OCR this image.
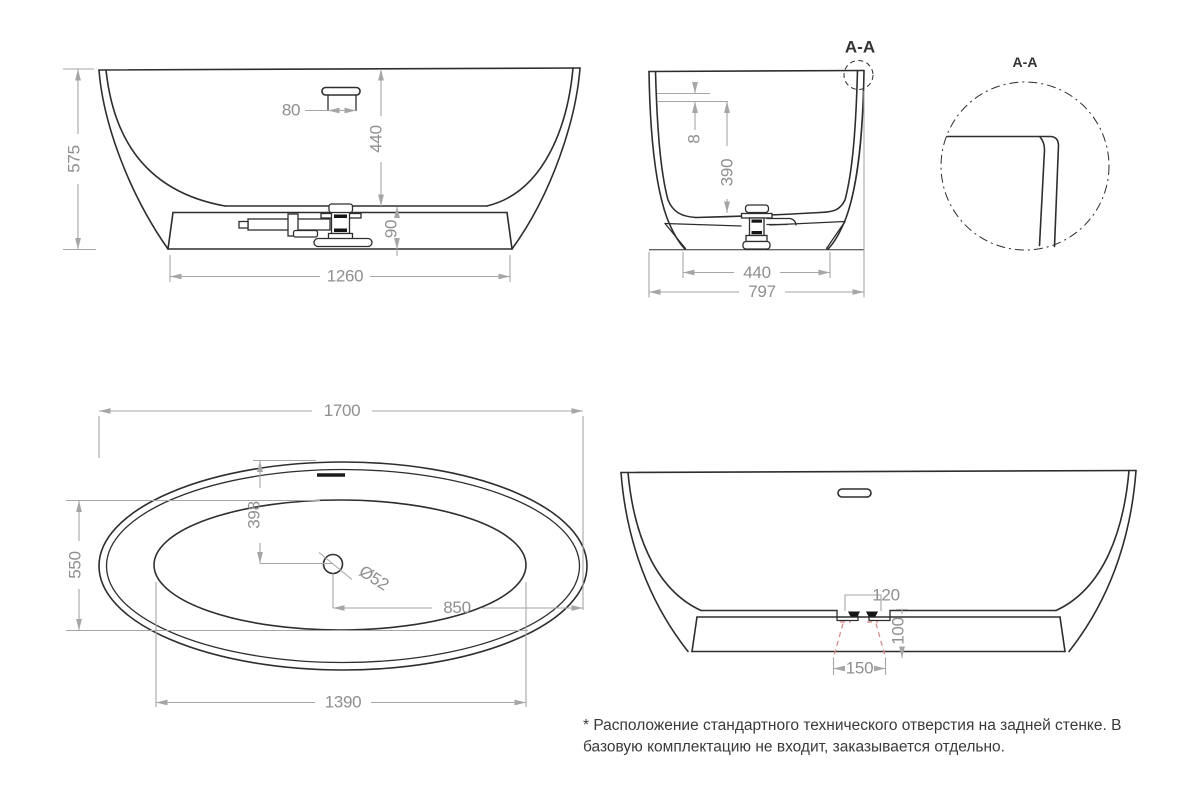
575
80
440
90
1260
A-A
8
390
440
797
A-A
1700
550
398
Ø52
850
1390
120
100
150
* Расположение стандартного технического отверстия на задней стенке. В
базовую комплектацию не входит, заказывается отдельно.
